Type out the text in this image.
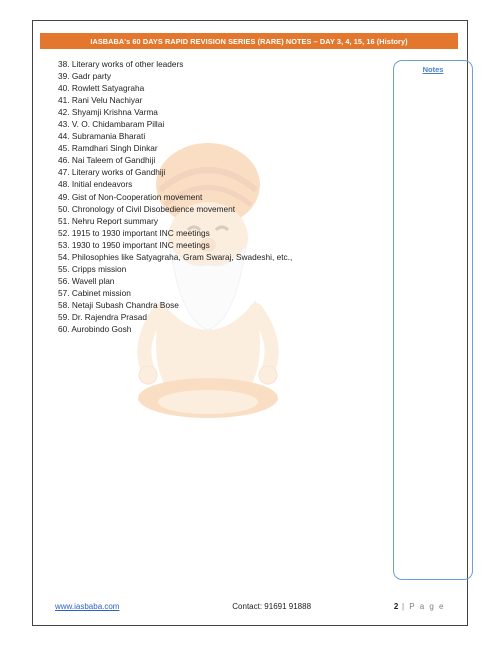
IASBABA's 60 DAYS RAPID REVISION SERIES (RARE) NOTES – DAY 3, 4, 15, 16 (History)
38. Literary works of other leaders
39. Gadr party
40. Rowlett Satyagraha
41. Rani Velu Nachiyar
42. Shyamji Krishna Varma
43. V. O. Chidambaram Pillai
44. Subramania Bharati
45. Ramdhari Singh Dinkar
46. Nai Taleem of Gandhiji
47. Literary works of Gandhiji
48. Initial endeavors
49. Gist of Non-Cooperation movement
50. Chronology of Civil Disobedience movement
51. Nehru Report summary
52. 1915 to 1930 important INC meetings
53. 1930 to 1950 important INC meetings
54. Philosophies like Satyagraha, Gram Swaraj, Swadeshi, etc.,
55. Cripps mission
56. Wavell plan
57. Cabinet mission
58. Netaji Subash Chandra Bose
59. Dr. Rajendra Prasad
60. Aurobindo Gosh
Notes
www.iasbaba.com	Contact: 91691 91888	2 | P a g e
